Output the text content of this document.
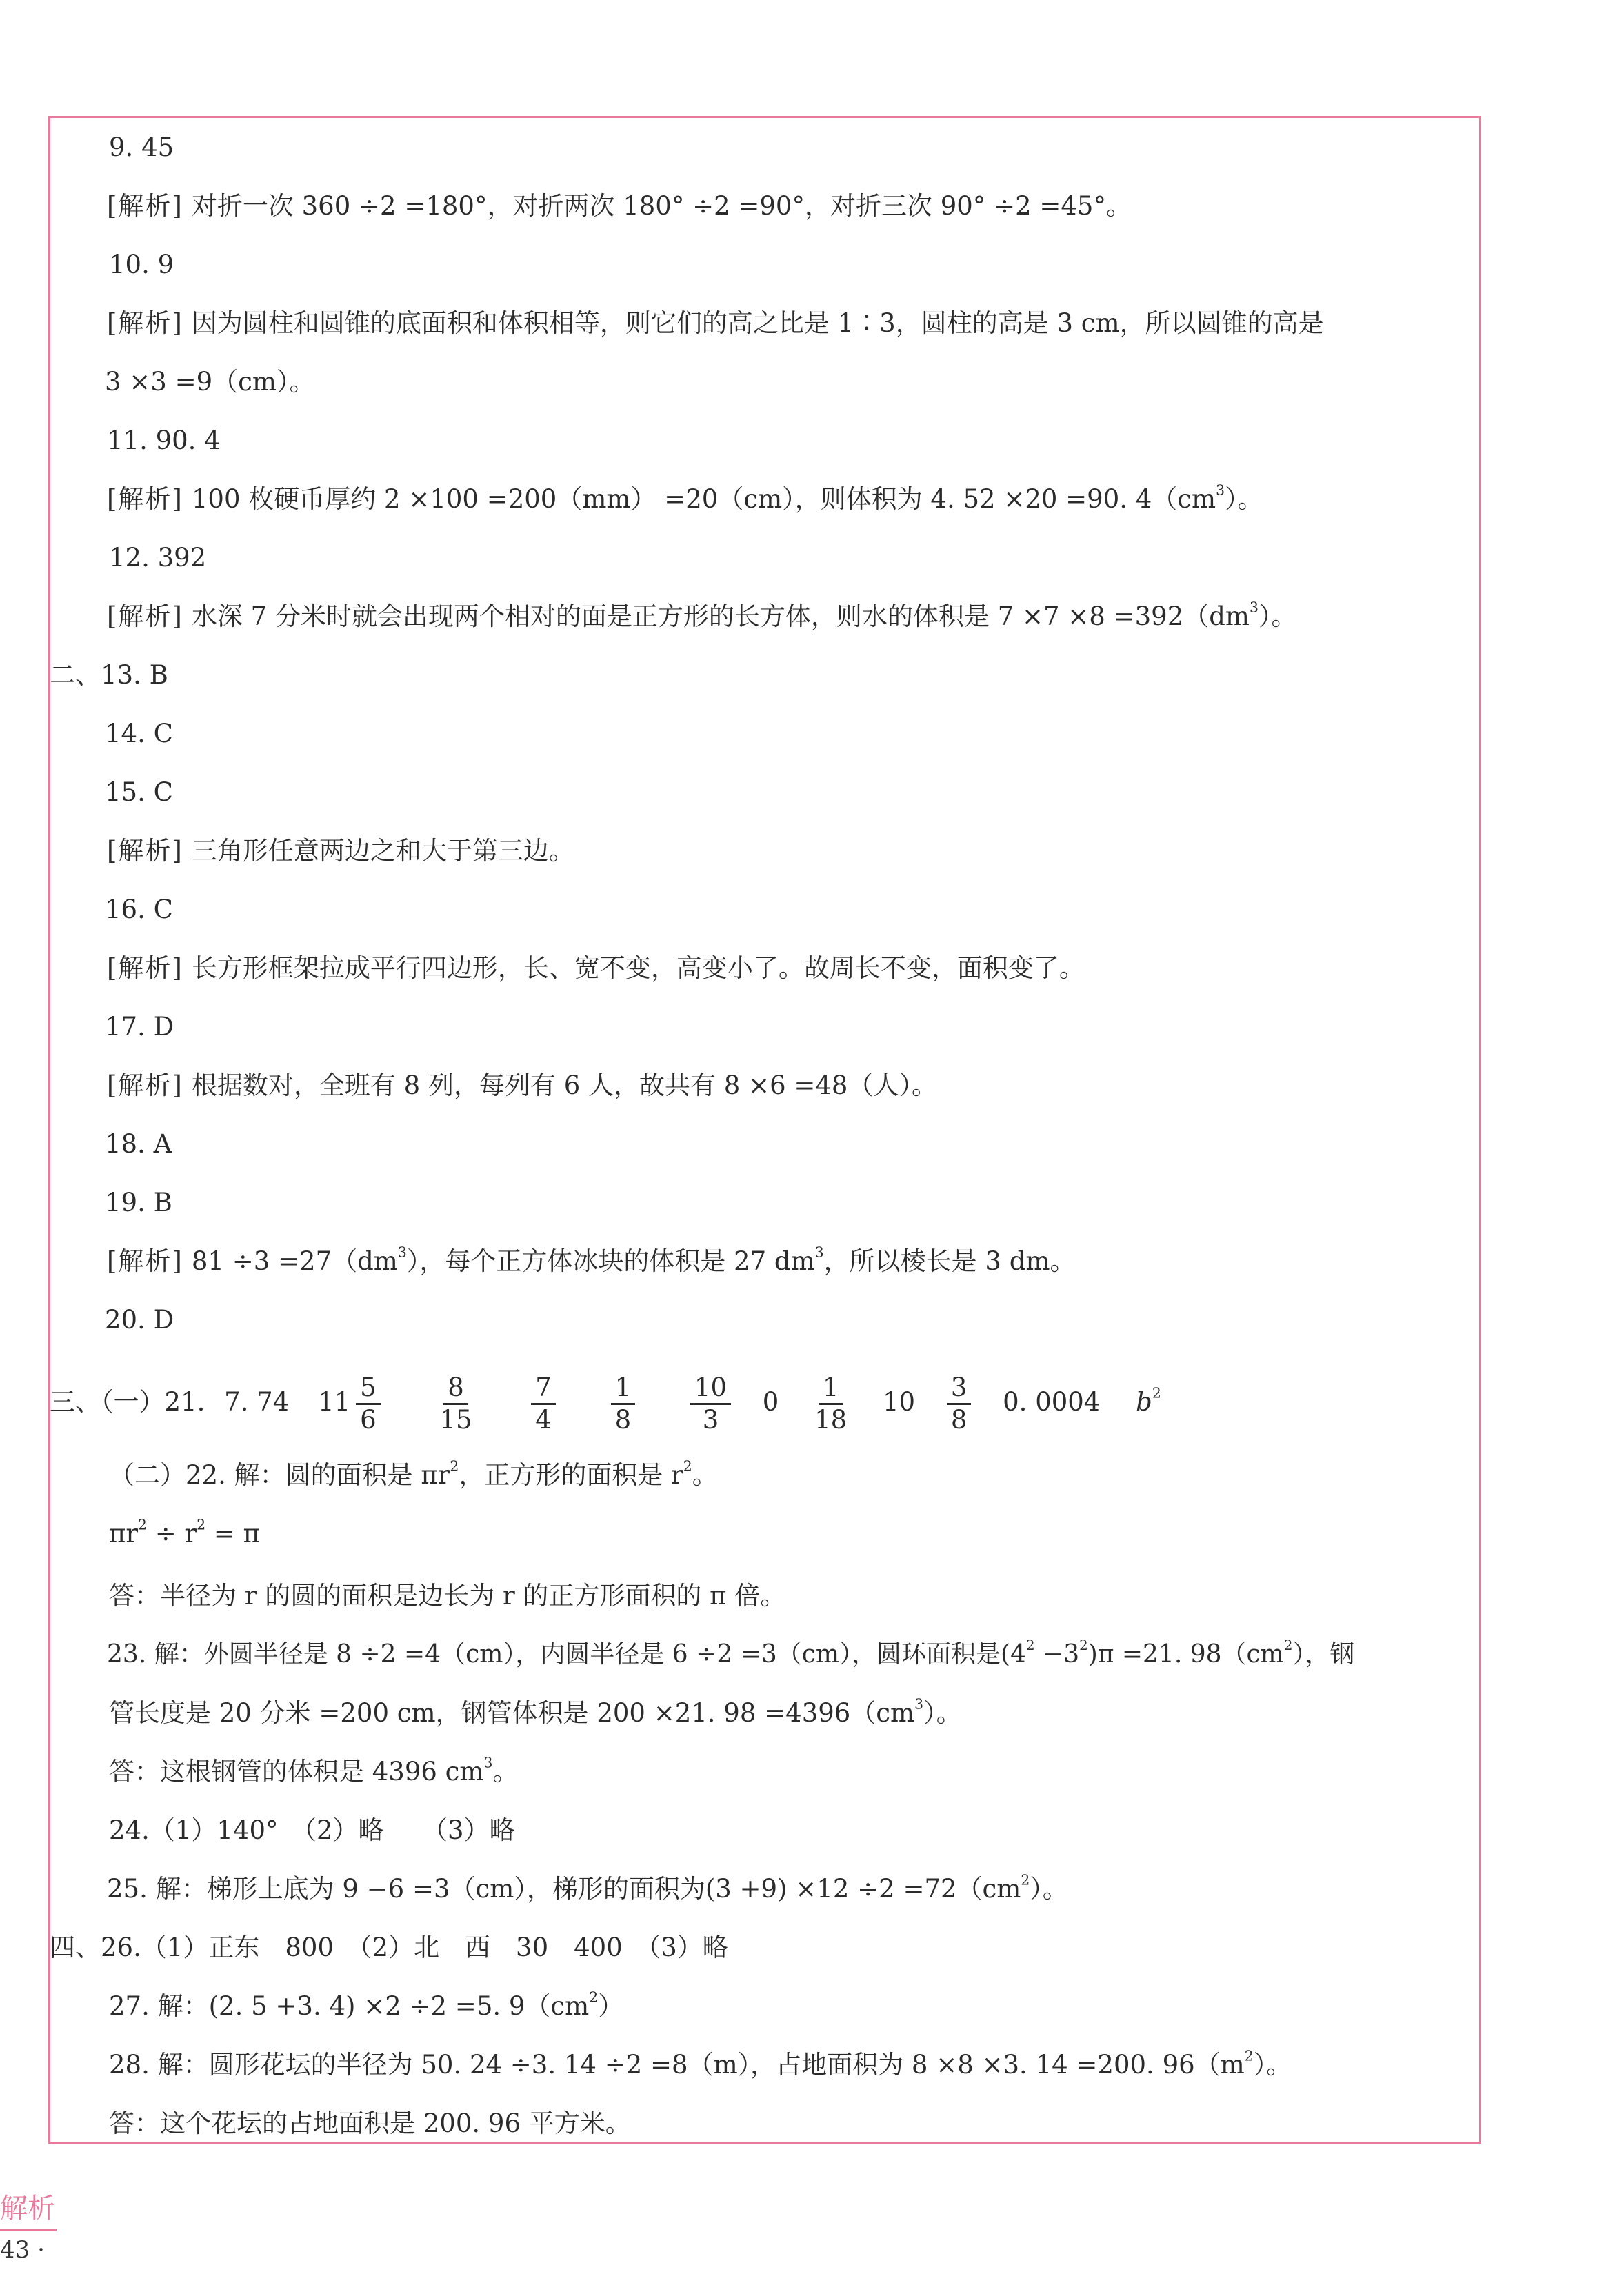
9. 45
[解析] 对折一次 360 ÷2 =180°，对折两次 180° ÷2 =90°，对折三次 90° ÷2 =45°。
10. 9
[解析] 因为圆柱和圆锥的底面积和体积相等，则它们的高之比是 1∶3，圆柱的高是 3 cm，所以圆锥的高是
3 ×3 =9（cm）。
11. 90. 4
12. 392
二、13. B
14. C
15. C
[解析] 三角形任意两边之和大于第三边。
16. C
[解析] 长方形框架拉成平行四边形，长、宽不变，高变小了。故周长不变，面积变了。
17. D
[解析] 根据数对，全班有 8 列，每列有 6 人，故共有 8 ×6 =48（人）。
18. A
19. B
20. D
答：半径为 r 的圆的面积是边长为 r 的正方形面积的 π 倍。
24.（1）140°　（2）略　　（3）略
四、26.（1）正东　800　（2）北　西　30　400　（3）略
答：这个花坛的占地面积是 200. 96 平方米。
[解析] 100 枚硬币厚约 2 ×100 =200（mm） =20（cm），则体积为 4. 52 ×20 =90. $4(cm^3)$。
[解析] 水深 7 分米时就会出现两个相对的面是正方形的长方体，则水的体积是 $7 \times 7 \times 8 =392(dm^3)$。
[解析] $81 \div 3 =27(dm^3)$，每个正方体冰块的体积是 27 $dm^3$，所以棱长是 3 dm。
三、（一）21. 7. 74 $11 \frac{5}{6}$
$\frac{8}{15}$
$\frac{7}{4}$
$\frac{1}{8}$
$\frac{10}{3} 0 \frac{1}{18} 10 \frac{3}{8} 0$. 0004 $b^2$
（二）22. 解：圆的面积是 $\pi r^2$，正方形的面积是 $r^2$。
$\pi r^2 \div r^2 = \pi$
23. 解：外圆半径是 8 ÷2 =4（cm），内圆半径是 6 ÷2 =3（cm），圆环面积是$(4^2 -3^2)\pi =21$. $98(cm^2)$，钢
管长度是 20 分米 =200 cm，钢管体积是 200 ×21. $98 =4396(cm^3)$。
答：这根钢管的体积是 4396 $cm^3$。
25. 解：梯形上底为 9 −6 =3（cm），梯形的面积为$(3 +9) \times 12 \div 2 =72(cm^2)$。
27. 解：(2. 5 +3. 4) ×2 ÷2 =5. $9(cm^2)$
28. 解：圆形花坛的半径为 50. 24 ÷3. 14 ÷2 =8（m），占地面积为 8 ×8 ×3. 14 =200. $96(m^2)$。
解析
43 ·
